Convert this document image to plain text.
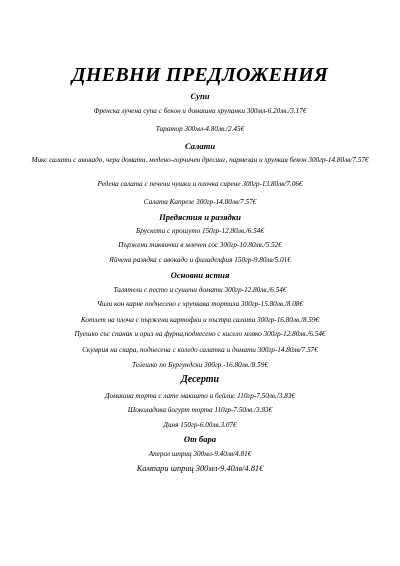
ДНЕВНИ ПРЕДЛОЖЕНИЯ
Супи
Френска лучена супа с бекон и домашни хрупанки 300мл-6.20лв./3.17€
Таратор 300мл-4.80лв./2.45€
Салати
Микс салати с авокадо, чери домати, медено-горчичен дресинг, пармезан и хрупкав бекон 300гр-14.80лв/7.57€
Редена салата с печени чушки и плочка сирене 300гр-13.80лв/7.06€
Салата Капрезе 300гр-14.80лв/7.57€
Предястия и разядки
Брускети с прошуто 150гр-12.80лв./6.54€
Пържени тиквички в млечен сос 300гр-10.80лв./5.52€
Яйчена разядка с авокадо и филаделфия 150гр-9.80лв/5.01€
Основни ястия
Талятели с песто и сушени домати 300гр-12.80лв./6.54€
Чили кон карне поднесено с хрупкава тортила 300гр-15.80лв./8.08€
Котлет на плоча с пържени картофки и пъстра салата 300гр-16.80лв./8.59€
Пуешко със спанак и ориз на фурна,поднесено с кисело мляко 300гр-12.80лв./6.54€
Скумрия на скара, поднесена с коледо салатка и домати 300гр-14.80лв/7.57€
Телешко по Бургундски 300гр.-16.80лв./8.59€
Десерти
Домашна торта с лате макиато и бейлис 110гр-7.50лв./3.83€
Шоколадова йогурт торта 110гр-7.50лв./3.83€
Диня 150гр-6.00лв.3.07€
От бара
Аперол шприц 300мл-9.40лв/4.81€
Кампари шприц 300мл-9.40лв/4.81€
